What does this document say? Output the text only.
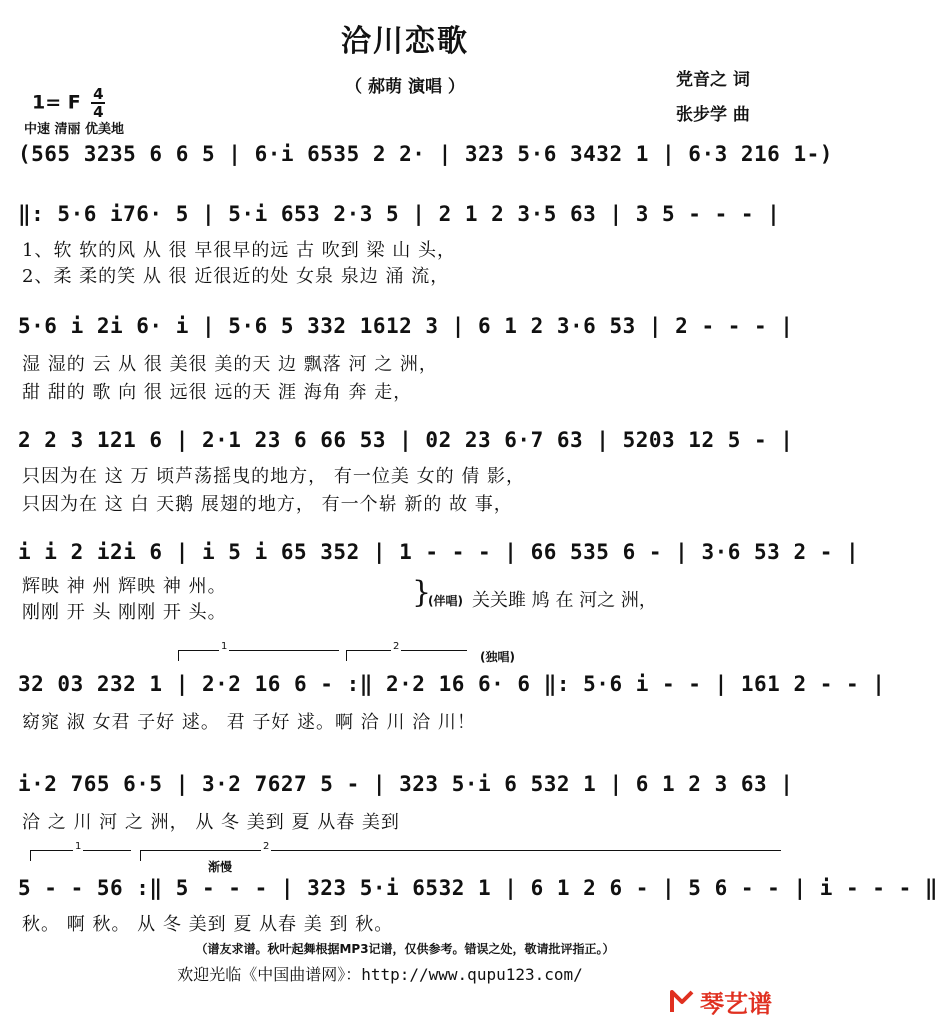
洽川恋歌
（ 郝萌 演唱 ）
1= F $\frac{4}{4}$
中速 清丽 优美地
党音之 词
张步学 曲
(565 3235 6 6 5 | 6·i 6535 2 2· | 323 5·6 3432 1 | 6·3 216 1-)
‖: 5·6 i76· 5 | 5·i 653 2·3 5 | 2 1 2 3·5 63 | 3 5 - - - |
1、软 软的风 从 很 早很早的远 古 吹到 梁 山 头，
2、柔 柔的笑 从 很 近很近的处 女泉 泉边 涌 流，
5·6 i 2i 6· i | 5·6 5 332 1612 3 | 6 1 2 3·6 53 | 2 - - - |
湿 湿的 云 从 很 美很 美的天 边 飘落 河 之 洲，
甜 甜的 歌 向 很 远很 远的天 涯 海角 奔 走，
2 2 3 121 6 | 2·1 23 6 66 53 | 02 23 6·7 63 | 5203 12 5 - |
只因为在 这 万 顷芦荡摇曳的地方， 有一位美 女的 倩 影，
只因为在 这 白 天鹅 展翅的地方， 有一个崭 新的 故 事，
i i 2 i2i 6 | i 5 i 65 352 | 1 - - - | 66 535 6 - | 3·6 53 2 - |
辉映 神 州 辉映 神 州。
刚刚 开 头 刚刚 开 头。
}
(伴唱) 关关雎 鸠 在 河之 洲，
1	2
(独唱)
32 03 232 1 | 2·2 16 6 - :‖ 2·2 16 6· 6 ‖: 5·6 i - - | 161 2 - - |
窈窕 淑 女君 子好 逑。 君 子好 逑。啊 洽 川 洽 川！
i·2 765 6·5 | 3·2 7627 5 - | 323 5·i 6 532 1 | 6 1 2 3 63 |
洽 之 川 河 之 洲， 从 冬 美到 夏 从春 美到
1	2
渐慢
5 - - 56 :‖ 5 - - - | 323 5·i 6532 1 | 6 1 2 6 - | 5 6 - - | i - - - ‖
秋。 啊 秋。 从 冬 美到 夏 从春 美 到 秋。
（谱友求谱。秋叶起舞根据MP3记谱，仅供参考。错误之处，敬请批评指正。）
欢迎光临《中国曲谱网》：http://www.qupu123.com/
琴艺谱
